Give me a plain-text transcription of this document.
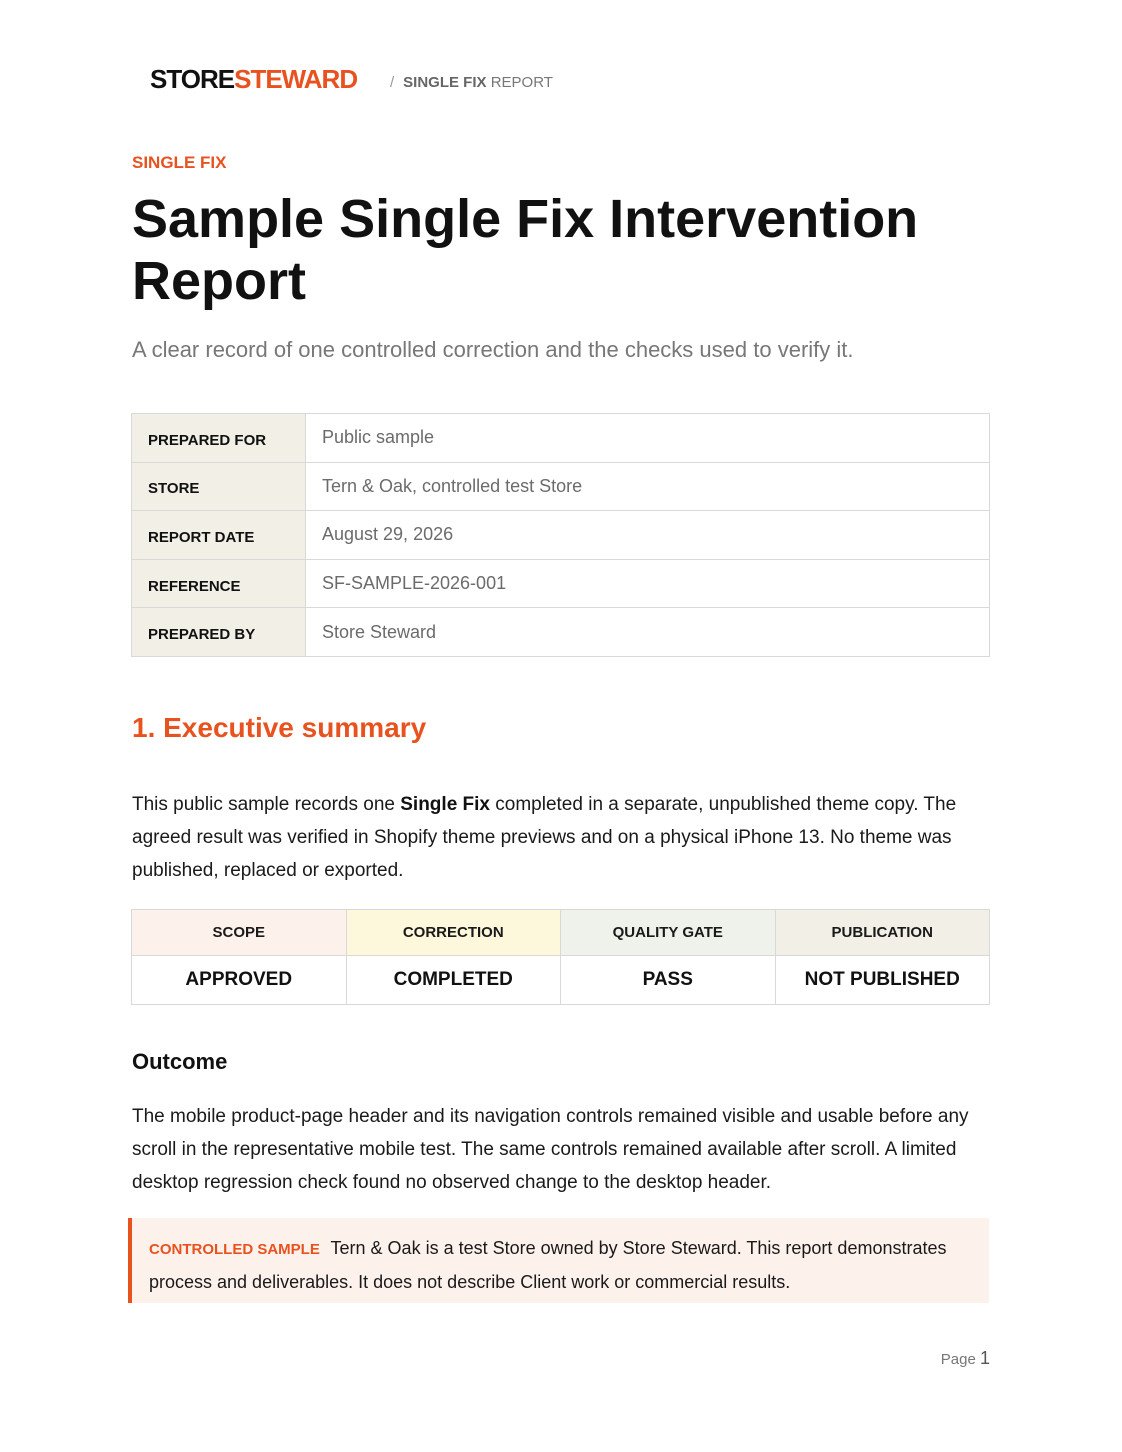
STORESTEWARD / SINGLE FIX REPORT
SINGLE FIX
Sample Single Fix Intervention Report
A clear record of one controlled correction and the checks used to verify it.
PREPARED FOR	Public sample
STORE	Tern & Oak, controlled test Store
REPORT DATE	August 29, 2026
REFERENCE	SF-SAMPLE-2026-001
PREPARED BY	Store Steward
1. Executive summary

This public sample records one Single Fix completed in a separate, unpublished theme copy. The agreed result was verified in Shopify theme previews and on a physical iPhone 13. No theme was published, replaced or exported.

SCOPE	CORRECTION	QUALITY GATE	PUBLICATION
APPROVED	COMPLETED	PASS	NOT PUBLISHED
Outcome

The mobile product-page header and its navigation controls remained visible and usable before any scroll in the representative mobile test. The same controls remained available after scroll. A limited desktop regression check found no observed change to the desktop header.

CONTROLLED SAMPLE Tern & Oak is a test Store owned by Store Steward. This report demonstrates process and deliverables. It does not describe Client work or commercial results.
Page 1
